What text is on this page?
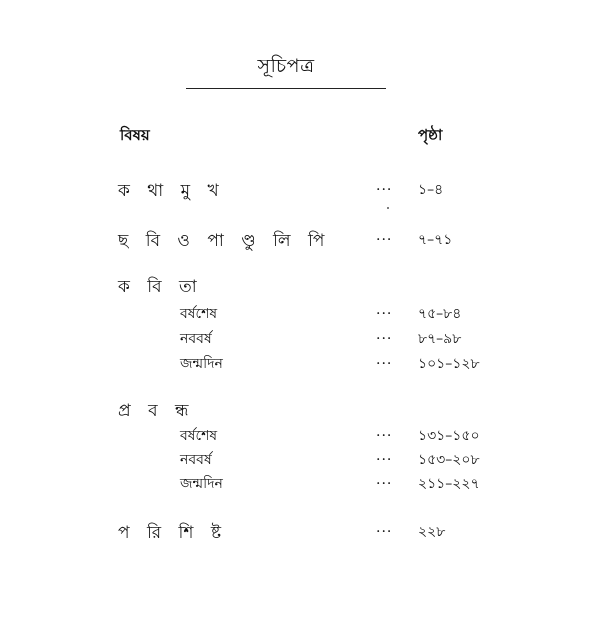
সূচিপত্র
বিষয়	পৃষ্ঠা
ক থা মু খ	... ১–৪
ছ বি ও পা ণ্ডু লি পি	... ৭–৭১
ক বি তা
বর্ষশেষ	... ৭৫–৮৪
নববর্ষ	... ৮৭–৯৮
জন্মদিন	... ১০১–১২৮
প্র ব ন্ধ
বর্ষশেষ	... ১৩১–১৫০
নববর্ষ	... ১৫৩–২০৮
জন্মদিন	... ২১১–২২৭
প রি শি ষ্ট	... ২২৮
